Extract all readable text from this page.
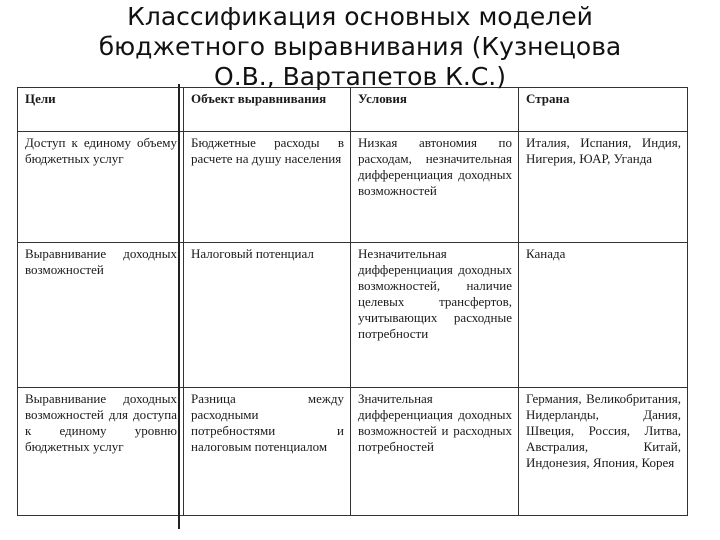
Классификация основных моделей
бюджетного выравнивания (Кузнецова
О.В., Вартапетов К.С.)
Цели	Объект выравнивания	Условия	Страна
Доступ к единому объему бюджетных услуг	Бюджетные расходы в расчете на душу населения	Низкая автономия по расходам, незначительная дифференциация доходных возможностей	Италия, Испания, Индия, Нигерия, ЮАР, Уганда
Выравнивание доходных возможностей	Налоговый потенциал	Незначительная дифференциация доходных возможностей, наличие целевых трансфертов, учитывающих расходные потребности	Канада
Выравнивание доходных возможностей для доступа к единому уровню бюджетных услуг	Разница между расходными потребностями и налоговым потенциалом	Значительная дифференциация доходных возможностей и расходных потребностей	Германия, Великобритания, Нидерланды, Дания, Швеция, Россия, Литва, Австралия, Китай, Индонезия, Япония, Корея
